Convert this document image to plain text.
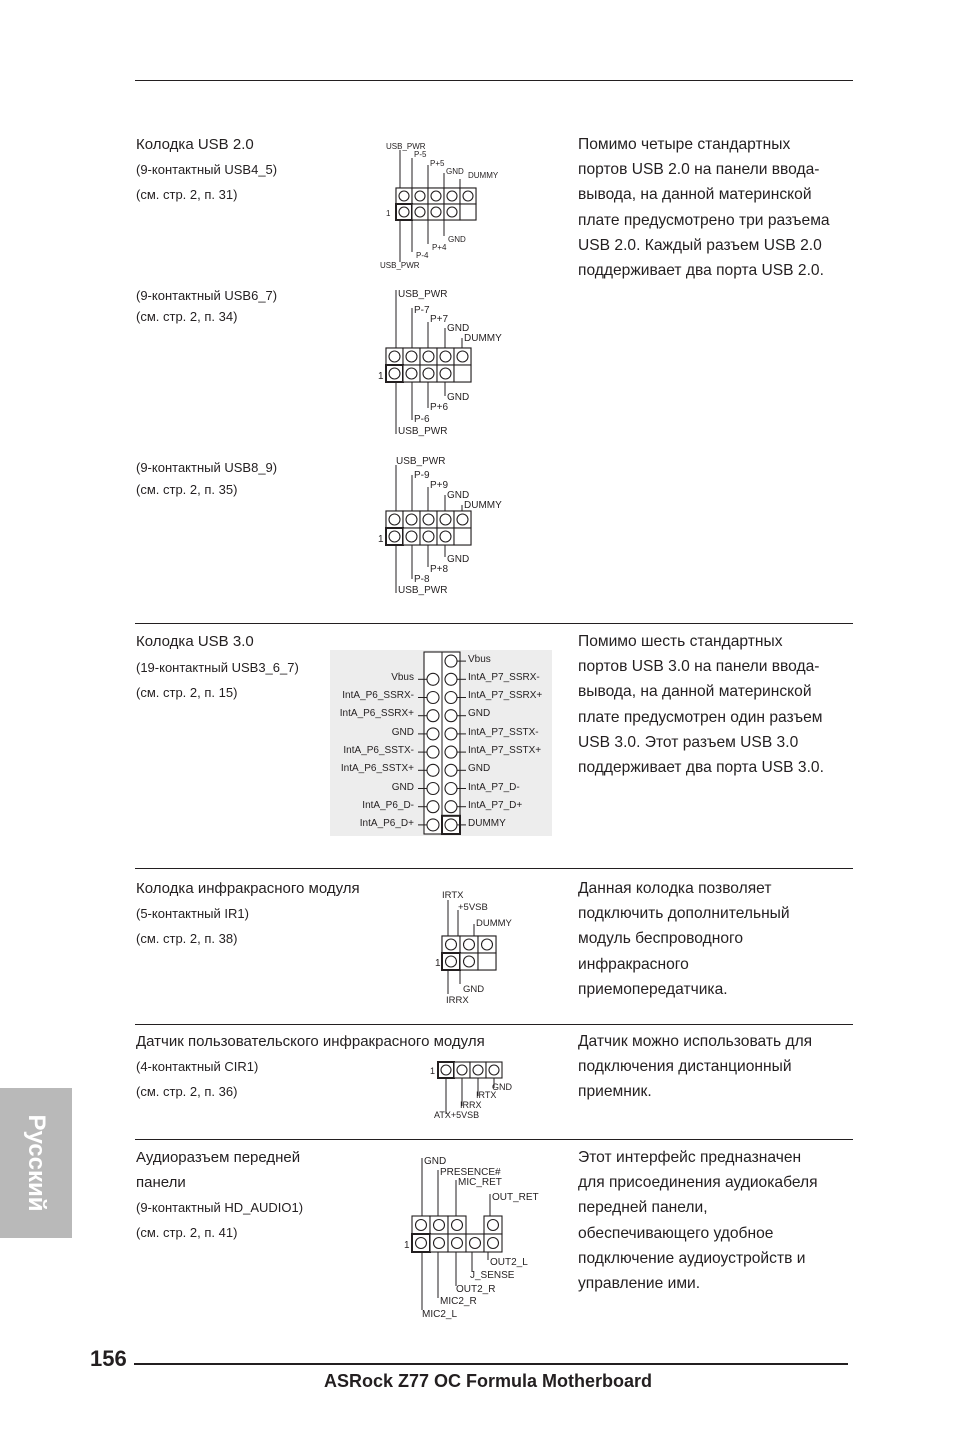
Колодка USB 2.0
(9-контактный USB4_5)
(см. стр. 2, п. 31)
(9-контактный USB6_7)
(см. стр. 2, п. 34)
(9-контактный USB8_9)
(см. стр. 2, п. 35)
Помимо четыре стандартных
портов USB 2.0 на панели ввода-
вывода, на данной материнской
плате предусмотрено три разъема
USB 2.0. Каждый разъем USB 2.0
поддерживает два порта USB 2.0.
USB_PWR
P-5
P+5
GND DUMMY
1
GND
P+4
P-4
USB_PWR
USB_PWR
P-7
P+7
GND
DUMMY
1
GND
P+6
P-6
USB_PWR
USB_PWR
P-9
P+9
GND
DUMMY
1
GND
P+8
P-8
USB_PWR
Колодка USB 3.0
(19-контактный USB3_6_7)
(см. стр. 2, п. 15)
Помимо шесть стандартных
портов USB 3.0 на панели ввода-
вывода, на данной материнской
плате предусмотрен один разъем
USB 3.0. Этот разъем USB 3.0
поддерживает два порта USB 3.0.
Vbus
IntA_P6_SSRX-
IntA_P6_SSRX+
GND
IntA_P6_SSTX-
IntA_P6_SSTX+
GND
IntA_P6_D-
IntA_P6_D+
Vbus
IntA_P7_SSRX-
IntA_P7_SSRX+
GND
IntA_P7_SSTX-
IntA_P7_SSTX+
GND
IntA_P7_D-
IntA_P7_D+
DUMMY
Колодка инфракрасного модуля
(5-контактный IR1)
(см. стр. 2, п. 38)
Данная колодка позволяет
подключить дополнительный
модуль беспроводного
инфракрасного
приемопередатчика.
IRTX
+5VSB
DUMMY
1
GND
IRRX
Датчик пользовательского инфракрасного модуля
(4-контактный CIR1)
(см. стр. 2, п. 36)
Датчик можно использовать для
подключения дистанционный
приемник.
1
GND
IRTX
IRRX
ATX+5VSB
Аудиоразъем передней
панели
(9-контактный HD_AUDIO1)
(см. стр. 2, п. 41)
Этот интерфейс предназначен
для присоединения аудиокабеля
передней панели,
обеспечивающего удобное
подключение аудиоустройств и
управление ими.
GND
PRESENCE#
MIC_RET
OUT_RET
1
OUT2_L
J_SENSE
OUT2_R
MIC2_R
MIC2_L
Русский
156
ASRock Z77 OC Formula Motherboard
